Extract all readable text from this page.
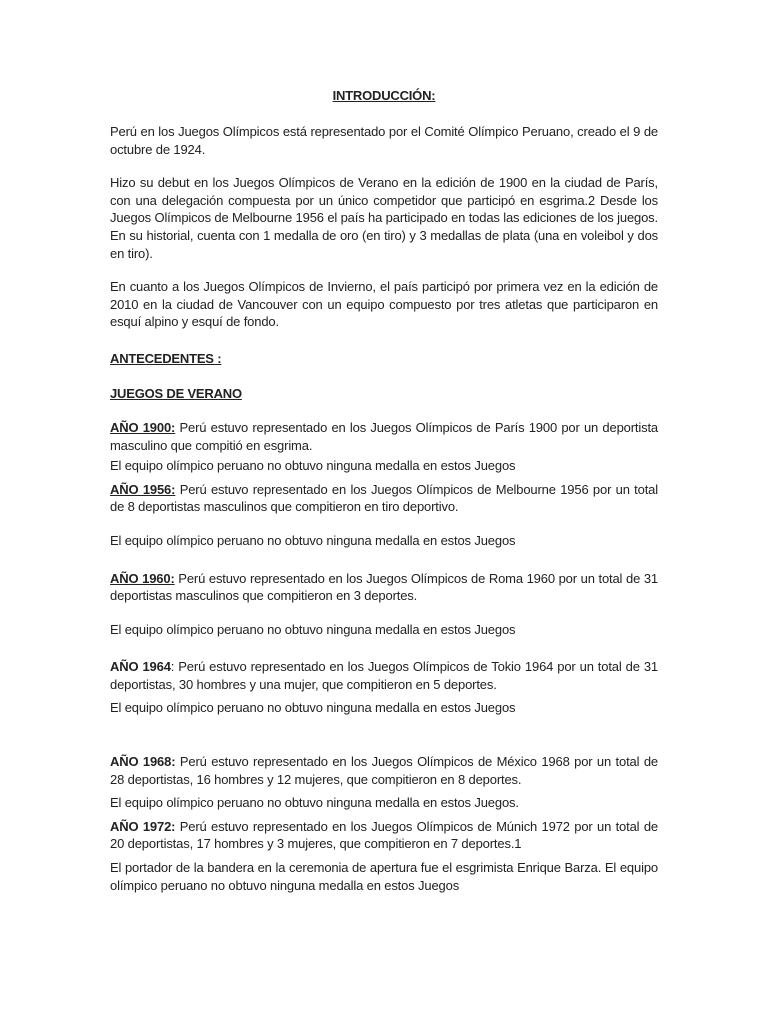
INTRODUCCIÓN:

Perú en los Juegos Olímpicos está representado por el Comité Olímpico Peruano, creado el 9 de octubre de 1924.

Hizo su debut en los Juegos Olímpicos de Verano en la edición de 1900 en la ciudad de París, con una delegación compuesta por un único competidor que participó en esgrima.2 Desde los Juegos Olímpicos de Melbourne 1956 el país ha participado en todas las ediciones de los juegos. En su historial, cuenta con 1 medalla de oro (en tiro) y 3 medallas de plata (una en voleibol y dos en tiro).

En cuanto a los Juegos Olímpicos de Invierno, el país participó por primera vez en la edición de 2010 en la ciudad de Vancouver con un equipo compuesto por tres atletas que participaron en esquí alpino y esquí de fondo.

ANTECEDENTES :
JUEGOS DE VERANO

AÑO 1900: Perú estuvo representado en los Juegos Olímpicos de París 1900 por un deportista masculino que compitió en esgrima.

El equipo olímpico peruano no obtuvo ninguna medalla en estos Juegos

AÑO 1956: Perú estuvo representado en los Juegos Olímpicos de Melbourne 1956 por un total de 8 deportistas masculinos que compitieron en tiro deportivo.

El equipo olímpico peruano no obtuvo ninguna medalla en estos Juegos

AÑO 1960: Perú estuvo representado en los Juegos Olímpicos de Roma 1960 por un total de 31 deportistas masculinos que compitieron en 3 deportes.

El equipo olímpico peruano no obtuvo ninguna medalla en estos Juegos

AÑO 1964: Perú estuvo representado en los Juegos Olímpicos de Tokio 1964 por un total de 31 deportistas, 30 hombres y una mujer, que compitieron en 5 deportes.

El equipo olímpico peruano no obtuvo ninguna medalla en estos Juegos

AÑO 1968: Perú estuvo representado en los Juegos Olímpicos de México 1968 por un total de 28 deportistas, 16 hombres y 12 mujeres, que compitieron en 8 deportes.

El equipo olímpico peruano no obtuvo ninguna medalla en estos Juegos.

AÑO 1972: Perú estuvo representado en los Juegos Olímpicos de Múnich 1972 por un total de 20 deportistas, 17 hombres y 3 mujeres, que compitieron en 7 deportes.1

El portador de la bandera en la ceremonia de apertura fue el esgrimista Enrique Barza. El equipo olímpico peruano no obtuvo ninguna medalla en estos Juegos
